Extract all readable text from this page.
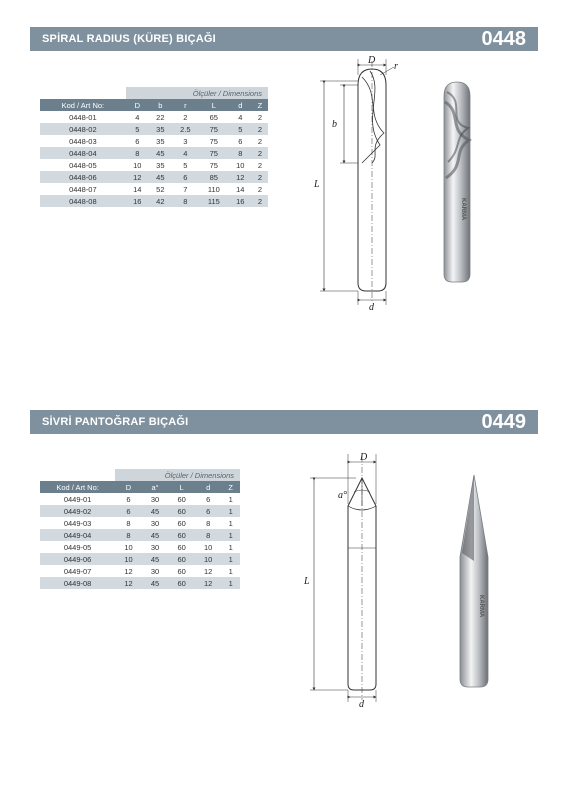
SPİRAL RADIUS (KÜRE) BIÇAĞI	0448
	Ölçüler / Dimensions					
Kod / Art No:	D	b	r	L	d	Z
0448-01	4	22	2	65	4	2
0448-02	5	35	2.5	75	5	2
0448-03	6	35	3	75	6	2
0448-04	8	45	4	75	8	2
0448-05	10	35	5	75	10	2
0448-06	12	45	6	85	12	2
0448-07	14	52	7	110	14	2
0448-08	16	42	8	115	16	2
D
r
b
L
d
KARMA
SİVRİ PANTOĞRAF BIÇAĞI	0449
	Ölçüler / Dimensions				
Kod / Art No:	D	a°	L	d	Z
0449-01	6	30	60	6	1
0449-02	6	45	60	6	1
0449-03	8	30	60	8	1
0449-04	8	45	60	8	1
0449-05	10	30	60	10	1
0449-06	10	45	60	10	1
0449-07	12	30	60	12	1
0449-08	12	45	60	12	1
D
a°
L
d
KARMA
